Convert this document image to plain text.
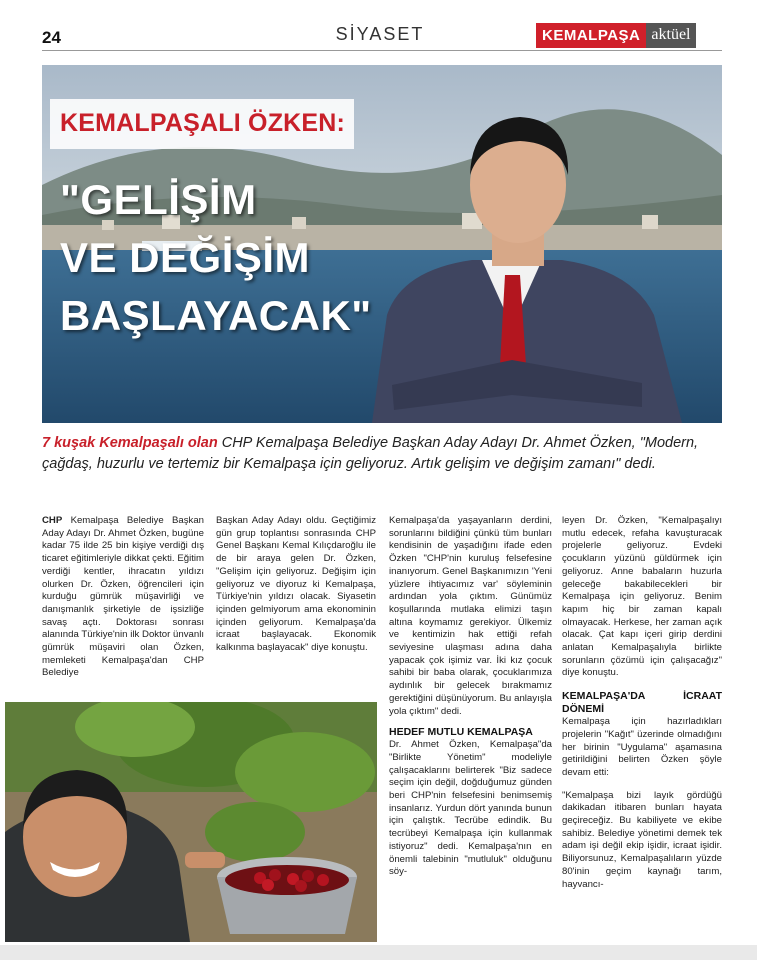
24	SİYASET	KEMALPAŞA aktüel
KEMALPAŞALI ÖZKEN:
"GELİŞİM
VE DEĞİŞİM
BAŞLAYACAK"
7 kuşak Kemalpaşalı olan CHP Kemalpaşa Belediye Başkan Aday Adayı Dr. Ahmet Özken, "Modern, çağdaş, huzurlu ve tertemiz bir Kemalpaşa için geliyoruz. Artık gelişim ve değişim zamanı" dedi.

CHP Kemalpaşa Belediye Başkan Aday Adayı Dr. Ahmet Özken, bugüne kadar 75 ilde 25 bin kişiye verdiği dış ticaret eğitimleriyle dikkat çekti. Eğitim verdiği kentler, ihracatın yıldızı olurken Dr. Özken, öğrencileri için kurduğu gümrük müşavirliği ve danışmanlık şirketiyle de işsizliğe savaş açtı. Doktorası sonrası alanında Türkiye'nin ilk Doktor ünvanlı gümrük müşaviri olan Özken, memleketi Kemalpaşa'dan CHP Belediye

Başkan Aday Adayı oldu. Geçtiğimiz gün grup toplantısı sonrasında CHP Genel Başkanı Kemal Kılıçdaroğlu ile de bir araya gelen Dr. Özken, "Gelişim için geliyoruz. Değişim için geliyoruz ve diyoruz ki Kemalpaşa, Türkiye'nin yıldızı olacak. Siyasetin içinden gelmiyorum ama ekonominin içinden geliyorum. Kemalpaşa'da icraat başlayacak. Ekonomik kalkınma başlayacak" diye konuştu.

Kemalpaşa'da yaşayanların derdini, sorunlarını bildiğini çünkü tüm bunları kendisinin de yaşadığını ifade eden Özken "CHP'nin kuruluş felsefesine inanıyorum. Genel Başkanımızın 'Yeni yüzlere ihtiyacımız var' söyleminin ardından yola çıktım. Günümüz koşullarında mutlaka elimizi taşın altına koymamız gerekiyor. Ülkemiz ve kentimizin hak ettiği refah seviyesine ulaşması adına daha yapacak çok işimiz var. İki kız çocuk sahibi bir baba olarak, çocuklarımıza aydınlık bir gelecek bırakmamız gerektiğini düşünüyorum. Bu anlayışla yola çıktım" dedi.

HEDEF MUTLU KEMALPAŞA

Dr. Ahmet Özken, Kemalpaşa"da "Birlikte Yönetim" modeliyle çalışacaklarını belirterek "Biz sadece seçim için değil, doğduğumuz günden beri CHP'nin felsefesini benimsemiş insanlarız. Yurdun dört yanında bunun için çalıştık. Tecrübe edindik. Bu tecrübeyi Kemalpaşa için kullanmak istiyoruz" dedi. Kemalpaşa'nın en önemli talebinin "mutluluk" olduğunu söy-

leyen Dr. Özken, "Kemalpaşalıyı mutlu edecek, refaha kavuşturacak projelerle geliyoruz. Evdeki çocukların yüzünü güldürmek için geliyoruz. Anne babaların huzurla geleceğe bakabilecekleri bir Kemalpaşa için geliyoruz. Benim kapım hiç bir zaman kapalı olmayacak. Herkese, her zaman açık olacak. Çat kapı içeri girip derdini anlatan Kemalpaşalıyla birlikte sorunların çözümü için çalışacağız" diye konuştu.

KEMALPAŞA'DA İCRAAT DÖNEMİ

Kemalpaşa için hazırladıkları projelerin "Kağıt" üzerinde olmadığını her birinin "Uygulama" aşamasına getirildiğini belirten Özken şöyle devam etti:

"Kemalpaşa bizi layık gördüğü dakikadan itibaren bunları hayata geçireceğiz. Bu kabiliyete ve ekibe sahibiz. Belediye yönetimi demek tek adam işi değil ekip işidir, icraat işidir. Biliyorsunuz, Kemalpaşalıların yüzde 80'inin geçim kaynağı tarım, hayvancı-
